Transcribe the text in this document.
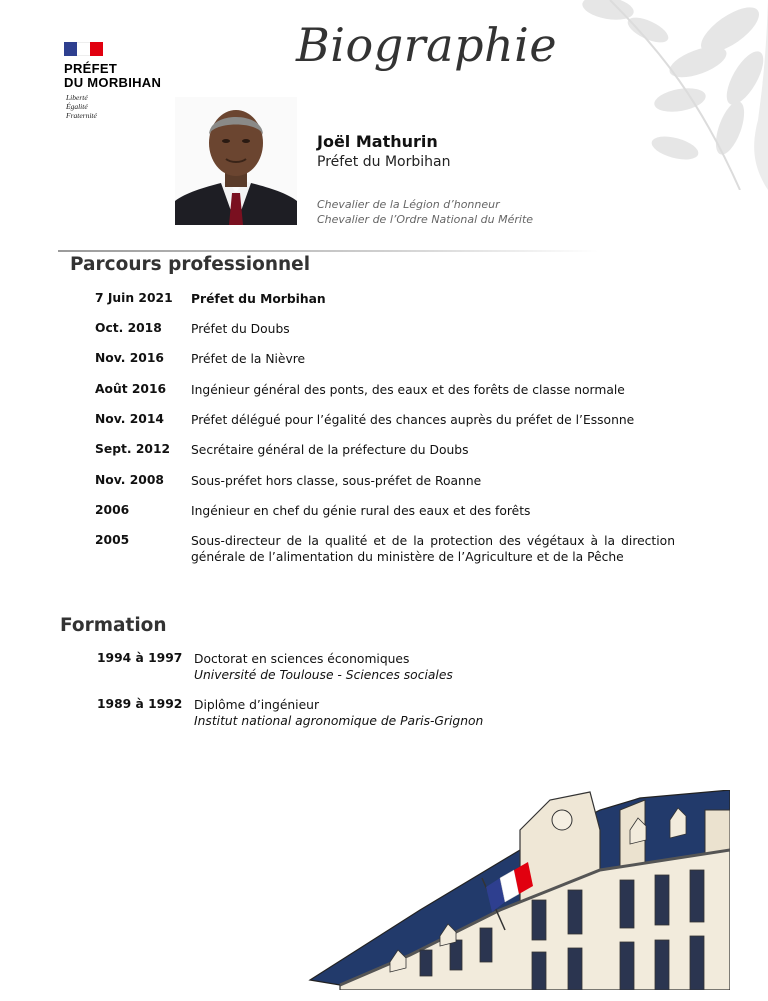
PRÉFET
DU MORBIHAN
Liberté
Égalité
Fraternité
Biographie
Joël Mathurin
Préfet du Morbihan
Chevalier de la Légion d’honneur
Chevalier de l’Ordre National du Mérite
Parcours professionnel
7 Juin 2021	Préfet du Morbihan
Oct. 2018	Préfet du Doubs
Nov. 2016	Préfet de la Nièvre
Août 2016	Ingénieur général des ponts, des eaux et des forêts de classe normale
Nov. 2014	Préfet délégué pour l’égalité des chances auprès du préfet de l’Essonne
Sept. 2012	Secrétaire général de la préfecture du Doubs
Nov. 2008	Sous-préfet hors classe, sous-préfet de Roanne
2006	Ingénieur en chef du génie rural des eaux et des forêts
2005	Sous-directeur de la qualité et de la protection des végétaux à la direction générale de l’alimentation du ministère de l’Agriculture et de la Pêche
Formation
1994 à 1997 Doctorat en sciences économiques
Université de Toulouse - Sciences sociales
1989 à 1992 Diplôme d’ingénieur
Institut national agronomique de Paris-Grignon
